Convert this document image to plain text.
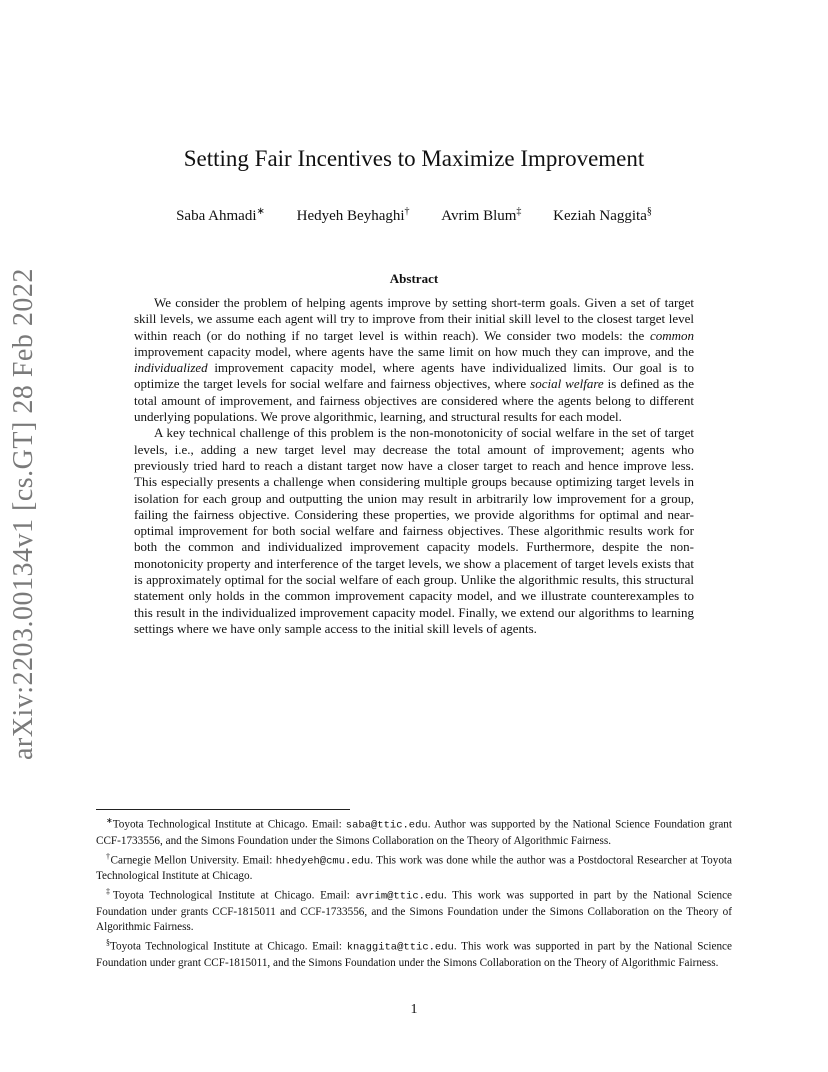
arXiv:2203.00134v1 [cs.GT] 28 Feb 2022
Setting Fair Incentives to Maximize Improvement
Saba Ahmadi∗ Hedyeh Beyhaghi† Avrim Blum‡ Keziah Naggita§
Abstract

We consider the problem of helping agents improve by setting short-term goals. Given a set of target skill levels, we assume each agent will try to improve from their initial skill level to the closest target level within reach (or do nothing if no target level is within reach). We consider two models: the common improvement capacity model, where agents have the same limit on how much they can improve, and the individualized improvement capacity model, where agents have individualized limits. Our goal is to optimize the target levels for social welfare and fairness objectives, where social welfare is defined as the total amount of improvement, and fairness objectives are considered where the agents belong to different underlying populations. We prove algorithmic, learning, and structural results for each model.

A key technical challenge of this problem is the non-monotonicity of social welfare in the set of target levels, i.e., adding a new target level may decrease the total amount of improvement; agents who previously tried hard to reach a distant target now have a closer target to reach and hence improve less. This especially presents a challenge when considering multiple groups because optimizing target levels in isolation for each group and outputting the union may result in arbitrarily low improvement for a group, failing the fairness objective. Considering these properties, we provide algorithms for optimal and near-optimal improvement for both social welfare and fairness objectives. These algorithmic results work for both the common and individualized improvement capacity models. Furthermore, despite the non-monotonicity property and interference of the target levels, we show a placement of target levels exists that is approximately optimal for the social welfare of each group. Unlike the algorithmic results, this structural statement only holds in the common improvement capacity model, and we illustrate counterexamples to this result in the individualized improvement capacity model. Finally, we extend our algorithms to learning settings where we have only sample access to the initial skill levels of agents.

∗Toyota Technological Institute at Chicago. Email: saba@ttic.edu. Author was supported by the National Science Foundation grant CCF-1733556, and the Simons Foundation under the Simons Collaboration on the Theory of Algorithmic Fairness.

†Carnegie Mellon University. Email: hhedyeh@cmu.edu. This work was done while the author was a Postdoctoral Researcher at Toyota Technological Institute at Chicago.

‡Toyota Technological Institute at Chicago. Email: avrim@ttic.edu. This work was supported in part by the National Science Foundation under grants CCF-1815011 and CCF-1733556, and the Simons Foundation under the Simons Collaboration on the Theory of Algorithmic Fairness.

§Toyota Technological Institute at Chicago. Email: knaggita@ttic.edu. This work was supported in part by the National Science Foundation under grant CCF-1815011, and the Simons Foundation under the Simons Collaboration on the Theory of Algorithmic Fairness.

1
